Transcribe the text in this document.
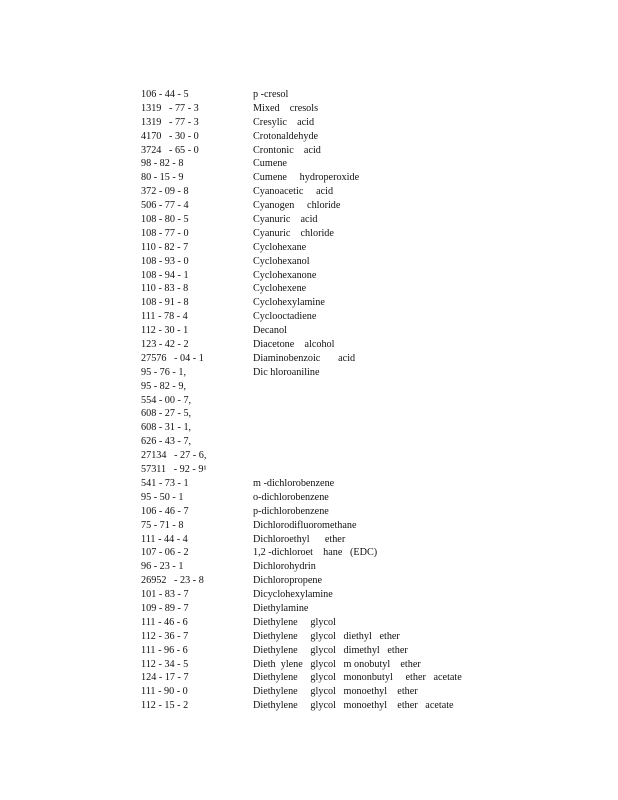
106 - 44 - 5	p -cresol
1319   - 77 - 3	Mixed    cresols
1319   - 77 - 3	Cresylic    acid
4170   - 30 - 0	Crotonaldehyde
3724   - 65 - 0	Crontonic    acid
98 - 82 - 8	Cumene
80 - 15 - 9	Cumene     hydroperoxide
372 - 09 - 8	Cyanoacetic     acid
506 - 77 - 4	Cyanogen     chloride
108 - 80 - 5	Cyanuric    acid
108 - 77 - 0	Cyanuric    chloride
110 - 82 - 7	Cyclohexane
108 - 93 - 0	Cyclohexanol
108 - 94 - 1	Cyclohexanone
110 - 83 - 8	Cyclohexene
108 - 91 - 8	Cyclohexylamine
111 - 78 - 4	Cyclooctadiene
112 - 30 - 1	Decanol
123 - 42 - 2	Diacetone    alcohol
27576   - 04 - 1	Diaminobenzoic       acid
95 - 76 - 1,	Dic hloroaniline
95 - 82 - 9,
554 - 00 - 7,
608 - 27 - 5,
608 - 31 - 1,
626 - 43 - 7,
27134   - 27 - 6,
57311   - 92 - 9¹
541 - 73 - 1	m -dichlorobenzene
95 - 50 - 1	o-dichlorobenzene
106 - 46 - 7	p-dichlorobenzene
75 - 71 - 8	Dichlorodifluoromethane
111 - 44 - 4	Dichloroethyl      ether
107 - 06 - 2	1,2 -dichloroet    hane   (EDC)
96 - 23 - 1	Dichlorohydrin
26952   - 23 - 8	Dichloropropene
101 - 83 - 7	Dicyclohexylamine
109 - 89 - 7	Diethylamine
111 - 46 - 6	Diethylene     glycol
112 - 36 - 7	Diethylene     glycol   diethyl   ether
111 - 96 - 6	Diethylene     glycol   dimethyl   ether
112 - 34 - 5	Dieth  ylene   glycol   m onobutyl    ether
124 - 17 - 7	Diethylene     glycol   mononbutyl     ether   acetate
111 - 90 - 0	Diethylene     glycol   monoethyl    ether
112 - 15 - 2	Diethylene     glycol   monoethyl    ether   acetate
